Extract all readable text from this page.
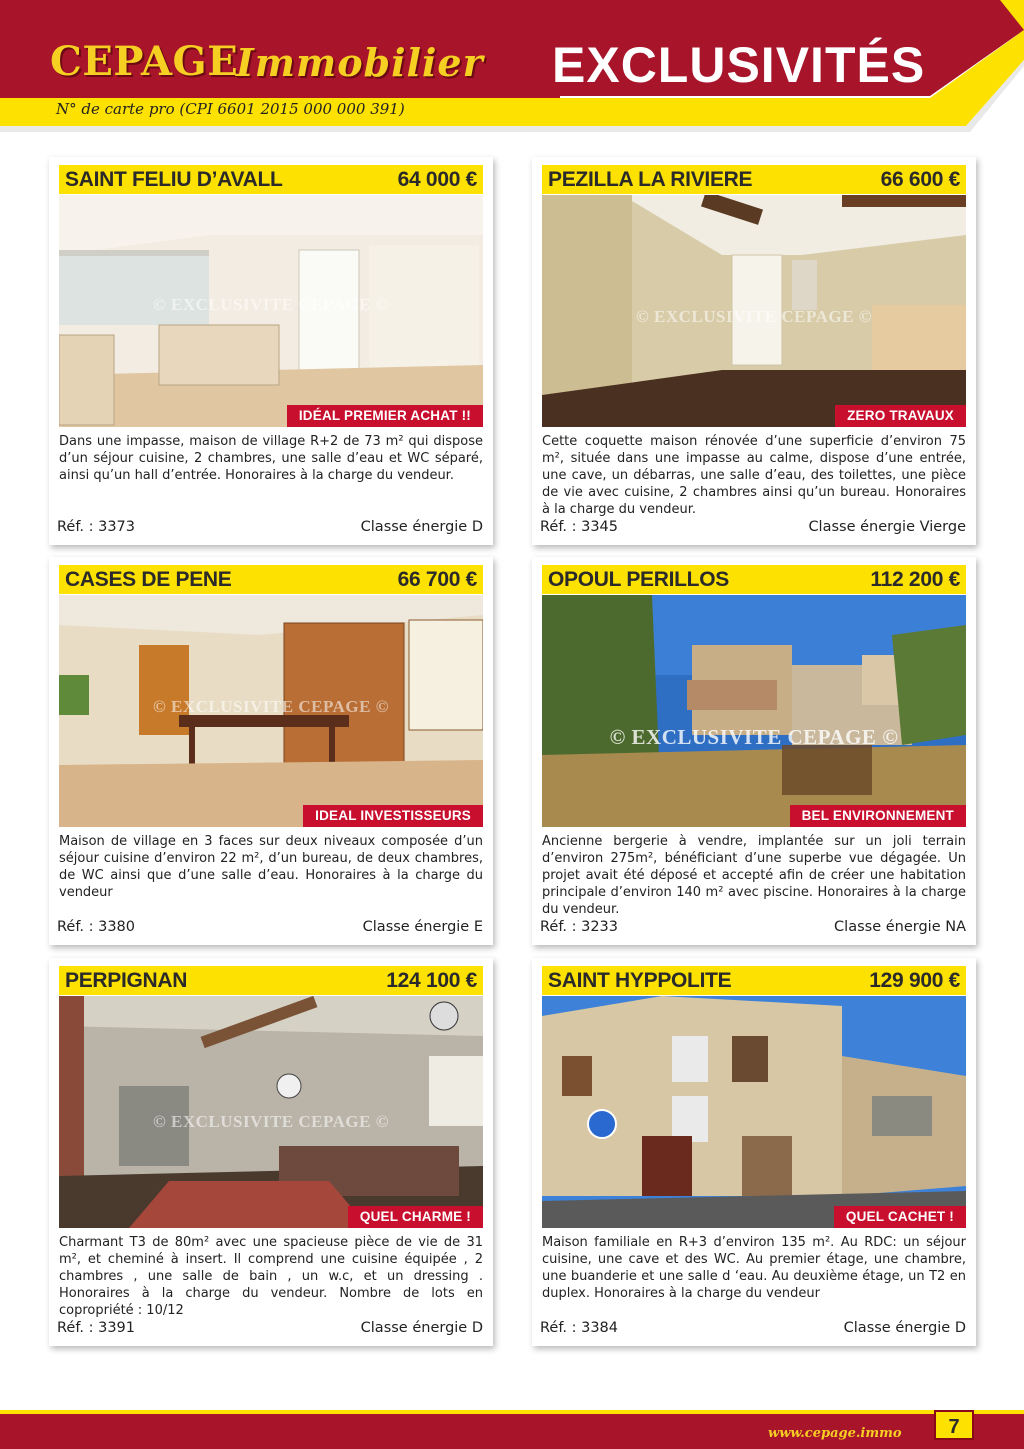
CEPAGE
Immobilier EXCLUSIVITÉS
N° de carte pro (CPI 6601 2015 000 000 391)
SAINT FELIU D’AVALL	64 000 €
© EXCLUSIVITE CEPAGE ©
IDÉAL PREMIER ACHAT !!
Dans une impasse, maison de village R+2 de 73 m² qui dispose d’un séjour cuisine, 2 chambres, une salle d’eau et WC séparé, ainsi qu’un hall d’entrée. Honoraires à la charge du vendeur.
Réf. : 3373	Classe énergie D
PEZILLA LA RIVIERE	66 600 €
© EXCLUSIVITE CEPAGE ©
ZERO TRAVAUX
Cette coquette maison rénovée d’une superficie d’environ 75 m², située dans une impasse au calme, dispose d’une entrée, une cave, un débarras, une salle d’eau, des toilettes, une pièce de vie avec cuisine, 2 chambres ainsi qu’un bureau. Honoraires à la charge du vendeur.
Réf. : 3345	Classe énergie Vierge
CASES DE PENE	66 700 €
© EXCLUSIVITE CEPAGE ©
IDEAL INVESTISSEURS
Maison de village en 3 faces sur deux niveaux composée d’un séjour cuisine d’environ 22 m², d’un bureau, de deux chambres, de WC ainsi que d’une salle d’eau. Honoraires à la charge du vendeur
Réf. : 3380	Classe énergie E
OPOUL PERILLOS	112 200 €
© EXCLUSIVITE CEPAGE ©
BEL ENVIRONNEMENT
Ancienne bergerie à vendre, implantée sur un joli terrain d’environ 275m², bénéficiant d’une superbe vue dégagée. Un projet avait été déposé et accepté afin de créer une habitation principale d’environ 140 m² avec piscine. Honoraires à la charge du vendeur.
Réf. : 3233	Classe énergie NA
PERPIGNAN	124 100 €
© EXCLUSIVITE CEPAGE ©
QUEL CHARME !
Charmant T3 de 80m² avec une spacieuse pièce de vie de 31 m², et cheminé à insert. Il comprend une cuisine équipée , 2 chambres , une salle de bain , un w.c, et un dressing . Honoraires à la charge du vendeur. Nombre de lots en copropriété : 10/12
Réf. : 3391	Classe énergie D
SAINT HYPPOLITE	129 900 €
QUEL CACHET !
Maison familiale en R+3 d’environ 135 m². Au RDC: un séjour cuisine, une cave et des WC. Au premier étage, une chambre, une buanderie et une salle d ‘eau. Au deuxième étage, un T2 en duplex. Honoraires à la charge du vendeur
Réf. : 3384	Classe énergie D
www.cepage.immo	7
